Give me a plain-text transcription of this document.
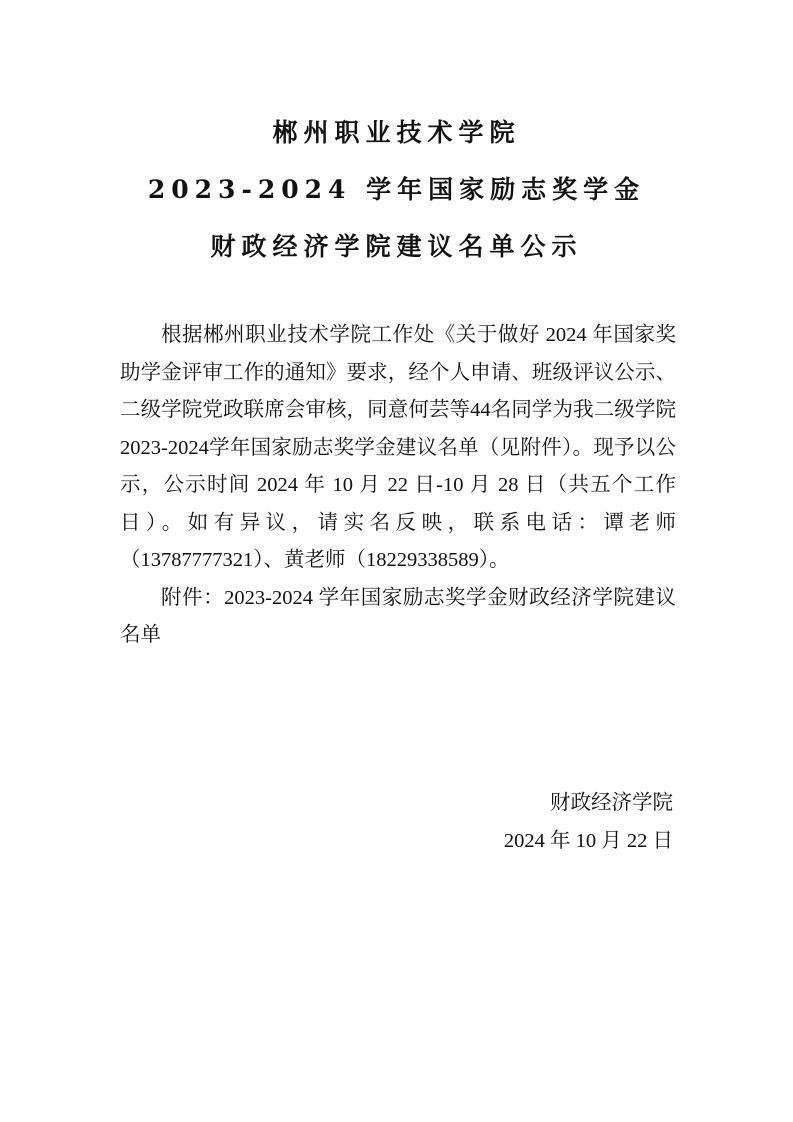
郴州职业技术学院
2023-2024 学年国家励志奖学金
财政经济学院建议名单公示

根据郴州职业技术学院工作处《关于做好 2024 年国家奖助学金评审工作的通知》要求，经个人申请、班级评议公示、二级学院党政联席会审核，同意何芸等44名同学为我二级学院2023-2024学年国家励志奖学金建议名单（见附件）。现予以公示，公示时间 2024 年 10 月 22 日-10 月 28 日（共五个工作日）。如有异议，请实名反映，联系电话：谭老师（13787777321）、黄老师（18229338589）。

附件：2023-2024 学年国家励志奖学金财政经济学院建议名单

财政经济学院
2024 年 10 月 22 日
